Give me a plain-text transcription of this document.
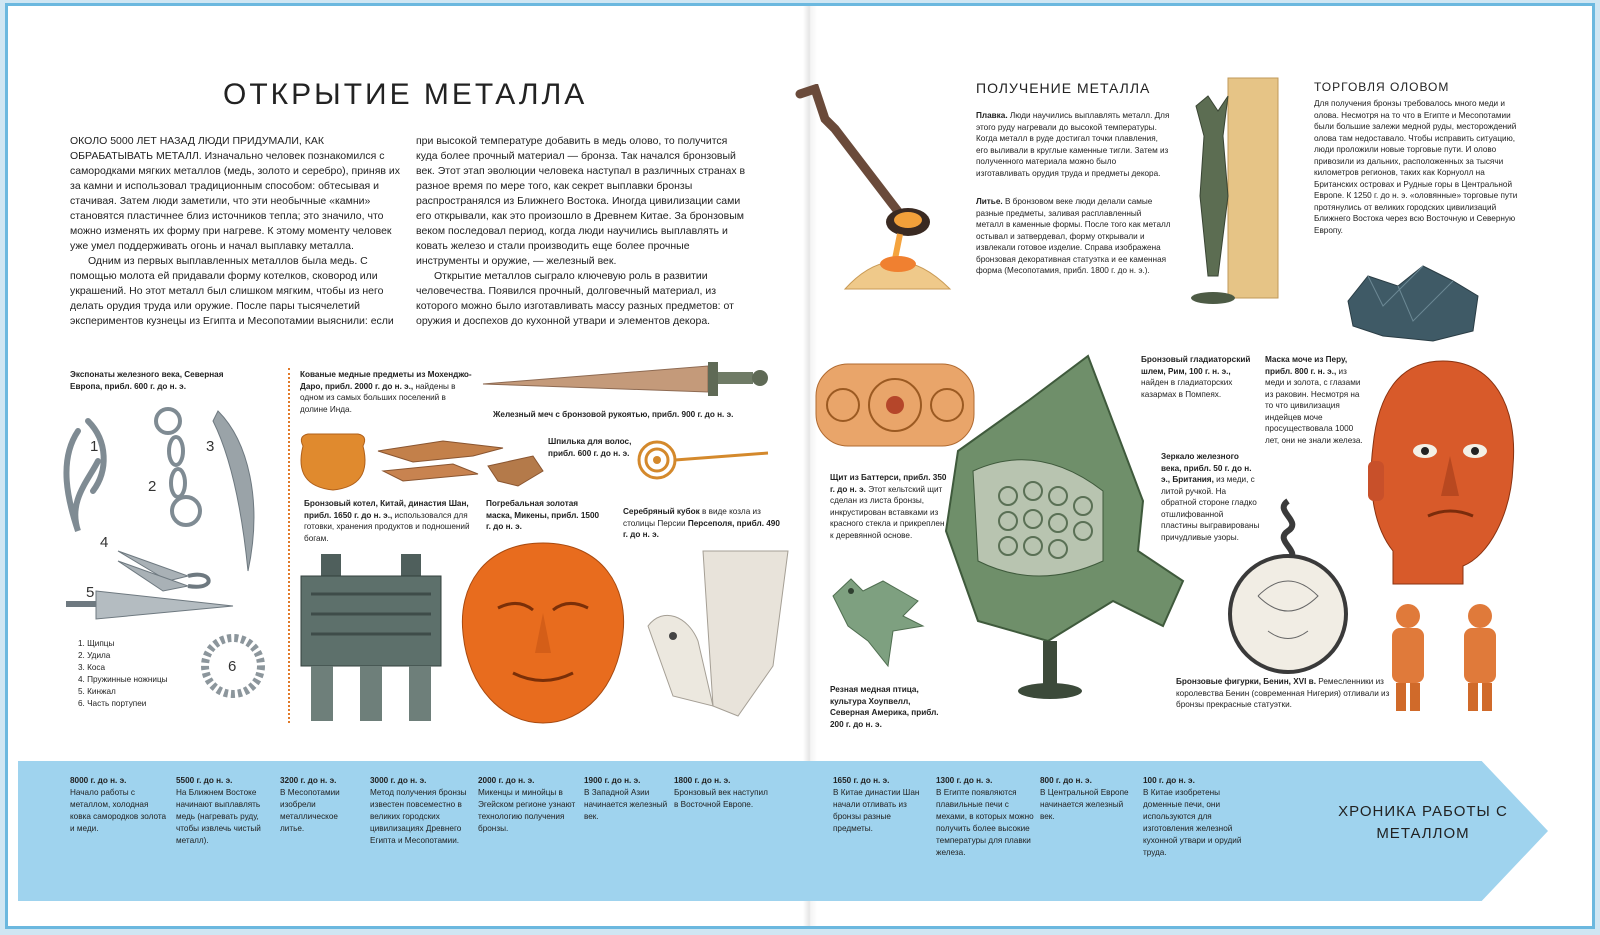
ОТКРЫТИЕ МЕТАЛЛА

ОКОЛО 5000 ЛЕТ НАЗАД ЛЮДИ ПРИДУМАЛИ, КАК ОБРАБАТЫВАТЬ МЕТАЛЛ. Изначально человек познакомился с самородками мягких металлов (медь, золото и серебро), приняв их за камни и использовал традиционным способом: обтесывая и стачивая. Затем люди заметили, что эти необычные «камни» становятся пластичнее близ источников тепла; это значило, что можно изменять их форму при нагреве. К этому моменту человек уже умел поддерживать огонь и начал выплавку металла.

Одним из первых выплавленных металлов была медь. С помощью молота ей придавали форму котелков, сковород или украшений. Но этот металл был слишком мягким, чтобы из него делать орудия труда или оружие. После пары тысячелетий экспериментов кузнецы из Египта и Месопотамии выяснили: если

при высокой температуре добавить в медь олово, то получится куда более прочный материал — бронза. Так начался бронзовый век. Этот этап эволюции человека наступал в различных странах в разное время по мере того, как секрет выплавки бронзы распространялся из Ближнего Востока. Иногда цивилизации сами его открывали, как это произошло в Древнем Китае. За бронзовым веком последовал период, когда люди научились выплавлять и ковать железо и стали производить еще более прочные инструменты и оружие, — железный век.

Открытие металлов сыграло ключевую роль в развитии человечества. Появился прочный, долговечный материал, из которого можно было изготавливать массу разных предметов: от оружия и доспехов до кухонной утвари и элементов декора.

Экспонаты железного века, Северная Европа, прибл. 600 г. до н. э.
1
2
3
4
5
6
1. Щипцы
2. Удила
3. Коса
4. Пружинные ножницы
5. Кинжал
6. Часть портупеи
Кованые медные предметы из Мохенджо-Даро, прибл. 2000 г. до н. э., найдены в одном из самых больших поселений в долине Инда.
Железный меч с бронзовой рукоятью, прибл. 900 г. до н. э.
Шпилька для волос, прибл. 600 г. до н. э.
Бронзовый котел, Китай, династия Шан, прибл. 1650 г. до н. э., использовался для готовки, хранения продуктов и подношений богам.
Погребальная золотая маска, Микены, прибл. 1500 г. до н. э.
Серебряный кубок в виде козла из столицы Персии Персеполя, прибл. 490 г. до н. э.
ПОЛУЧЕНИЕ МЕТАЛЛА
Плавка. Люди научились выплавлять металл. Для этого руду нагревали до высокой температуры. Когда металл в руде достигал точки плавления, его выливали в круглые каменные тигли. Затем из полученного материала можно было изготавливать орудия труда и предметы декора.
Литье. В бронзовом веке люди делали самые разные предметы, заливая расплавленный металл в каменные формы. После того как металл остывал и затвердевал, форму открывали и извлекали готовое изделие. Справа изображена бронзовая декоративная статуэтка и ее каменная форма (Месопотамия, прибл. 1800 г. до н. э.).
ТОРГОВЛЯ ОЛОВОМ
Для получения бронзы требовалось много меди и олова. Несмотря на то что в Египте и Месопотамии были большие залежи медной руды, месторождений олова там недоставало. Чтобы исправить ситуацию, люди проложили новые торговые пути. И олово привозили из дальних, расположенных за тысячи километров регионов, таких как Корнуолл на Британских островах и Рудные горы в Центральной Европе. К 1250 г. до н. э. «оловянные» торговые пути протянулись от великих городских цивилизаций Ближнего Востока через всю Восточную и Северную Европу.
Щит из Баттерси, прибл. 350 г. до н. э. Этот кельтский щит сделан из листа бронзы, инкрустирован вставками из красного стекла и прикреплен к деревянной основе.
Резная медная птица, культура Хоупвелл, Северная Америка, прибл. 200 г. до н. э.
Бронзовый гладиаторский шлем, Рим, 100 г. н. э., найден в гладиаторских казармах в Помпеях.
Зеркало железного века, прибл. 50 г. до н. э., Британия, из меди, с литой ручкой. На обратной стороне гладко отшлифованной пластины выгравированы причудливые узоры.
Маска моче из Перу, прибл. 800 г. н. э., из меди и золота, с глазами из раковин. Несмотря на то что цивилизация индейцев моче просуществовала 1000 лет, они не знали железа.
Бронзовые фигурки, Бенин, XVI в. Ремесленники из королевства Бенин (современная Нигерия) отливали из бронзы прекрасные статуэтки.
8000 г. до н. э.
Начало работы с металлом, холодная ковка самородков золота и меди.
5500 г. до н. э.
На Ближнем Востоке начинают выплавлять медь (нагревать руду, чтобы извлечь чистый металл).
3200 г. до н. э.
В Месопотамии изобрели металлическое литье.
3000 г. до н. э.
Метод получения бронзы известен повсеместно в великих городских цивилизациях Древнего Египта и Месопотамии.
2000 г. до н. э.
Микенцы и минойцы в Эгейском регионе узнают технологию получения бронзы.
1900 г. до н. э.
В Западной Азии начинается железный век.
1800 г. до н. э.
Бронзовый век наступил в Восточной Европе.
1650 г. до н. э.
В Китае династии Шан начали отливать из бронзы разные предметы.
1300 г. до н. э.
В Египте появляются плавильные печи с мехами, в которых можно получить более высокие температуры для плавки железа.
800 г. до н. э.
В Центральной Европе начинается железный век.
100 г. до н. э.
В Китае изобретены доменные печи, они используются для изготовления железной кухонной утвари и орудий труда.
ХРОНИКА РАБОТЫ С МЕТАЛЛОМ
